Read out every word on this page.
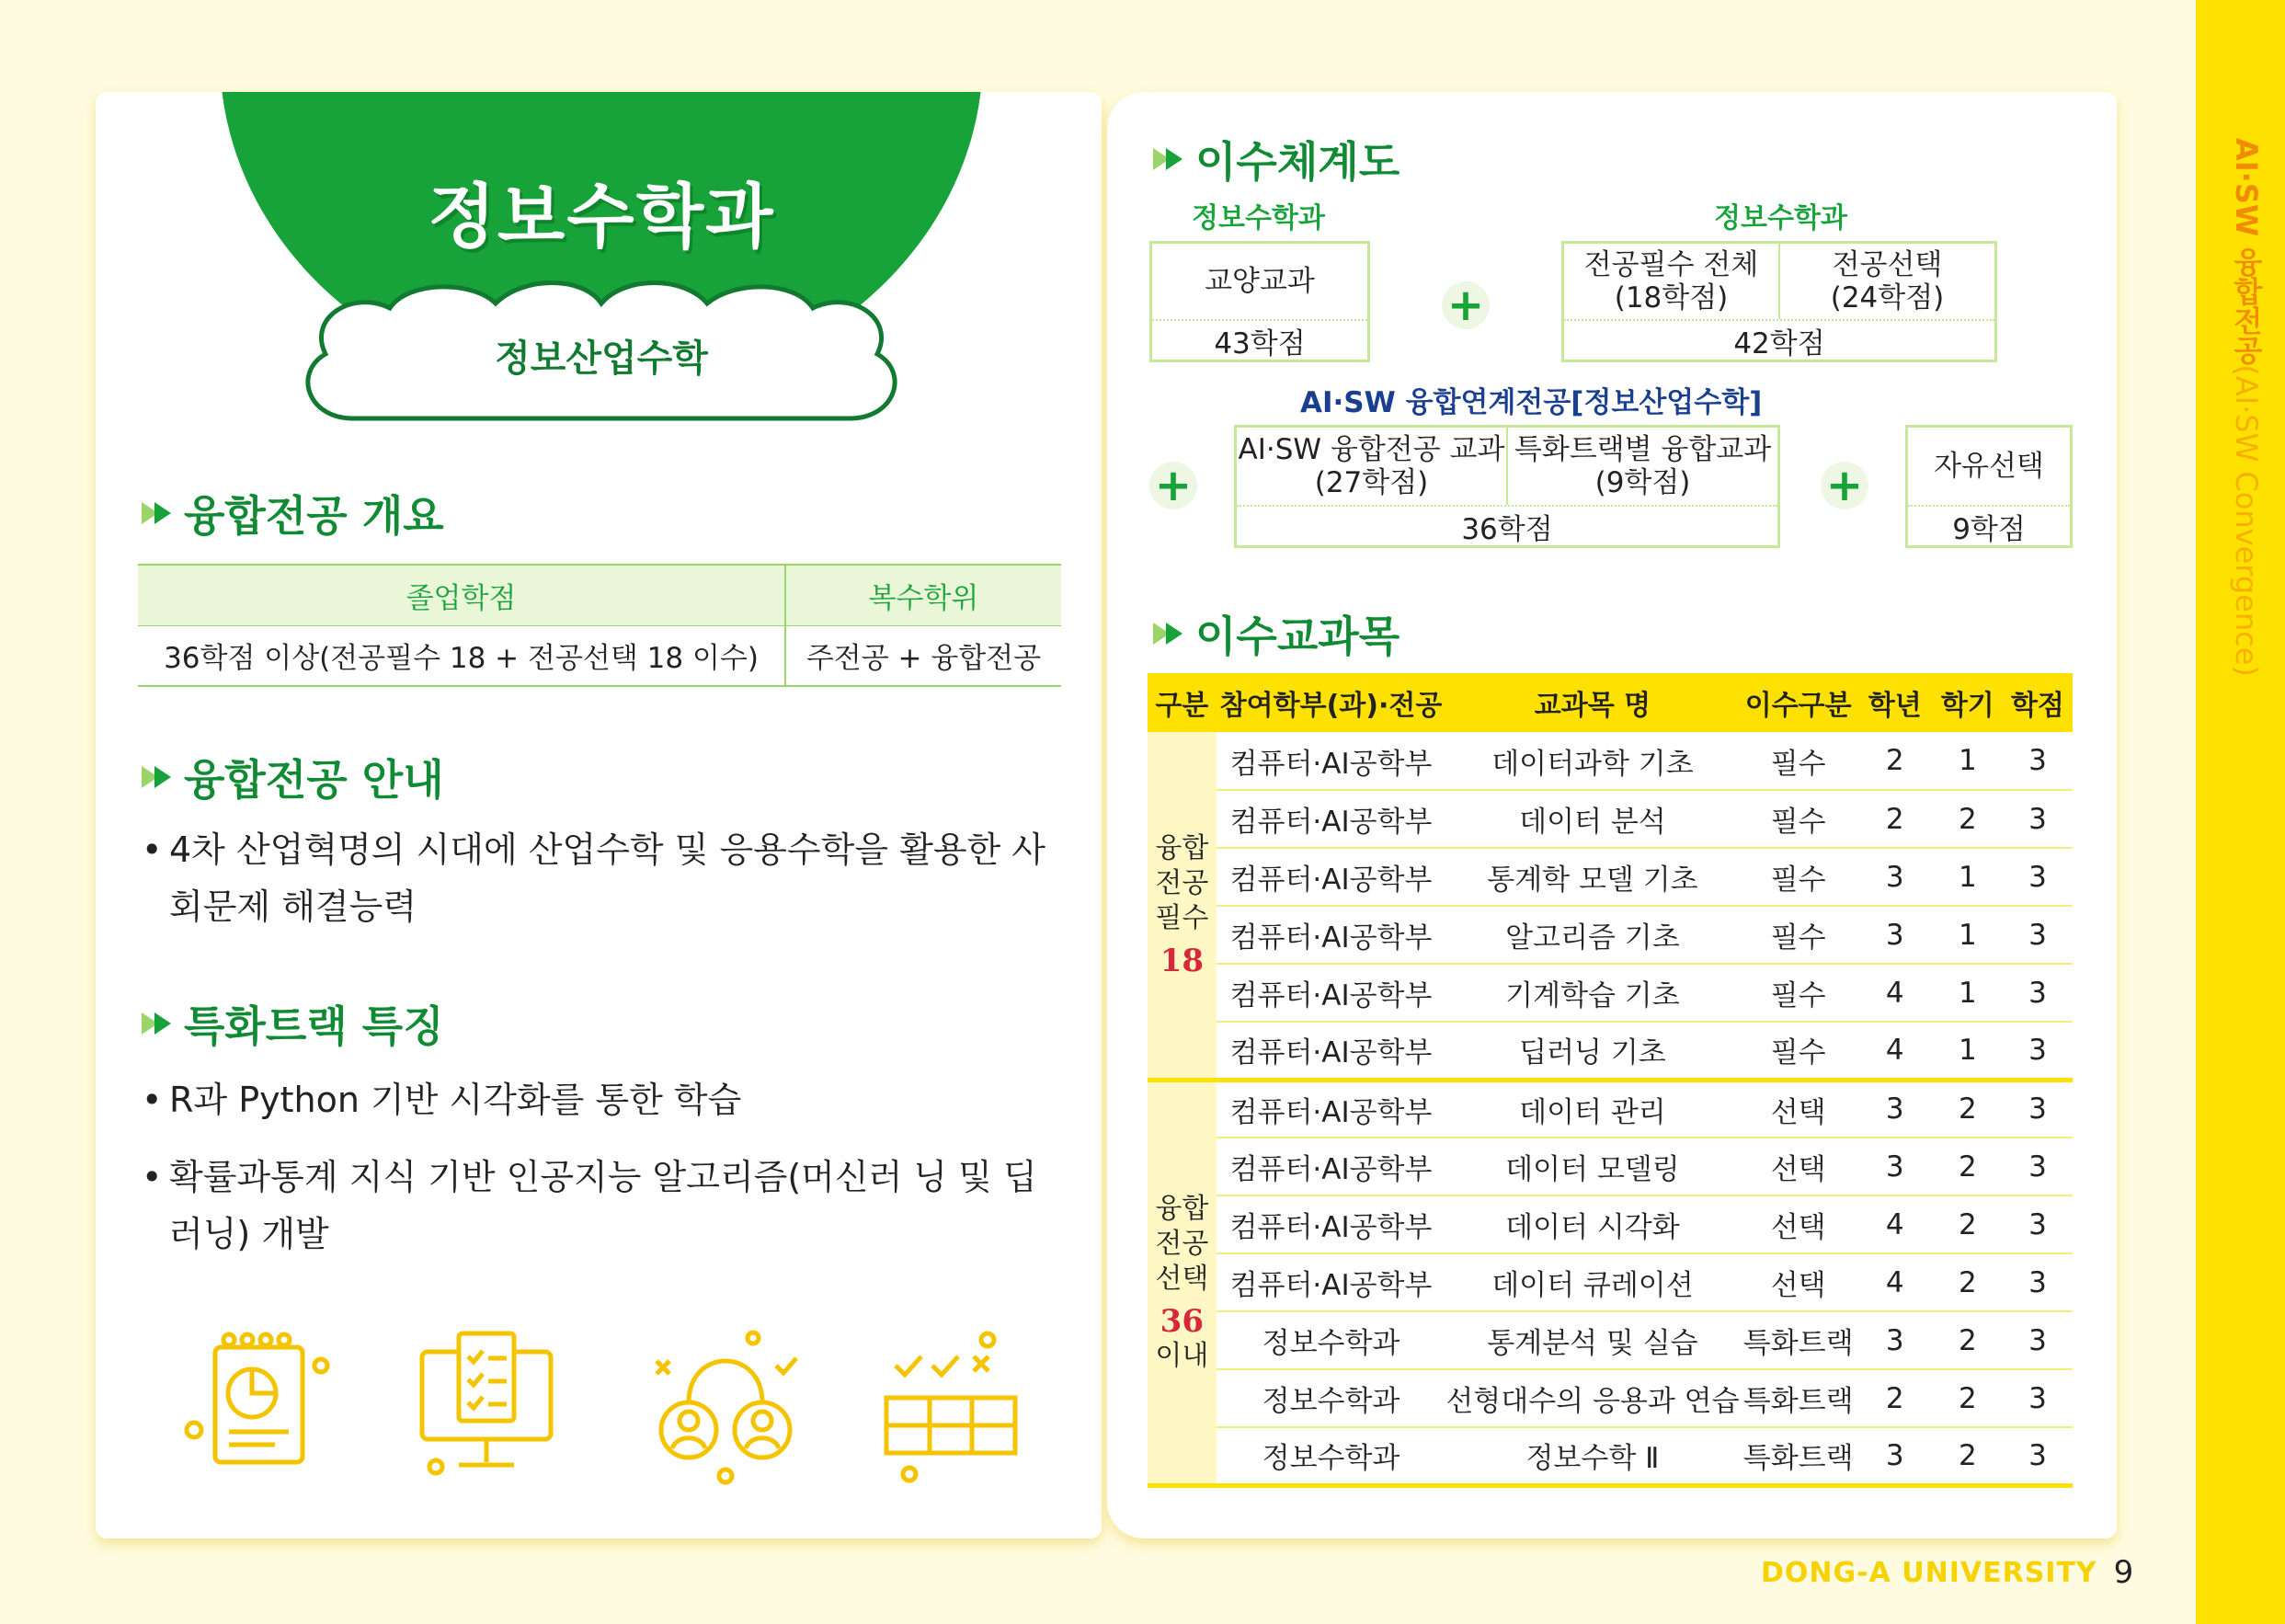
AI·SW 융합전공(AI·SW Convergence)
정보수학과
정보산업수학
융합전공 개요
졸업학점	복수학위
36학점 이상(전공필수 18 + 전공선택 18 이수)	주전공 + 융합전공
융합전공 안내
• 4차 산업혁명의 시대에 산업수학 및 응용수학을 활용한 사회문제 해결능력
특화트랙 특징
• R과 Python 기반 시각화를 통한 학습
• 확률과통계 지식 기반 인공지능 알고리즘(머신러 닝 및 딥러닝) 개발
이수체계도
정보수학과	정보수학과
교양교과
43학점
+
전공필수 전체
(18학점)
전공선택
(24학점)
42학점
AI·SW 융합연계전공[정보산업수학]
+
AI·SW 융합전공 교과
(27학점)
특화트랙별 융합교과
(9학점)
36학점
+	자유선택
9학점
이수교과목
구분	참여학부(과)·전공	교과목 명	이수구분	학년	학기	학점
융합
전공
필수
18	컴퓨터·AI공학부	데이터과학 기초	필수	2	1	3
	컴퓨터·AI공학부	데이터 분석	필수	2	2	3
	컴퓨터·AI공학부	통계학 모델 기초	필수	3	1	3
	컴퓨터·AI공학부	알고리즘 기초	필수	3	1	3
	컴퓨터·AI공학부	기계학습 기초	필수	4	1	3
	컴퓨터·AI공학부	딥러닝 기초	필수	4	1	3
융합
전공
선택
36
이내	컴퓨터·AI공학부	데이터 관리	선택	3	2	3
	컴퓨터·AI공학부	데이터 모델링	선택	3	2	3
	컴퓨터·AI공학부	데이터 시각화	선택	4	2	3
	컴퓨터·AI공학부	데이터 큐레이션	선택	4	2	3
	정보수학과	통계분석 및 실습	특화트랙	3	2	3
	정보수학과	선형대수의 응용과 연습	특화트랙	2	2	3
	정보수학과	정보수학 Ⅱ	특화트랙	3	2	3
DONG-A UNIVERSITY 9
